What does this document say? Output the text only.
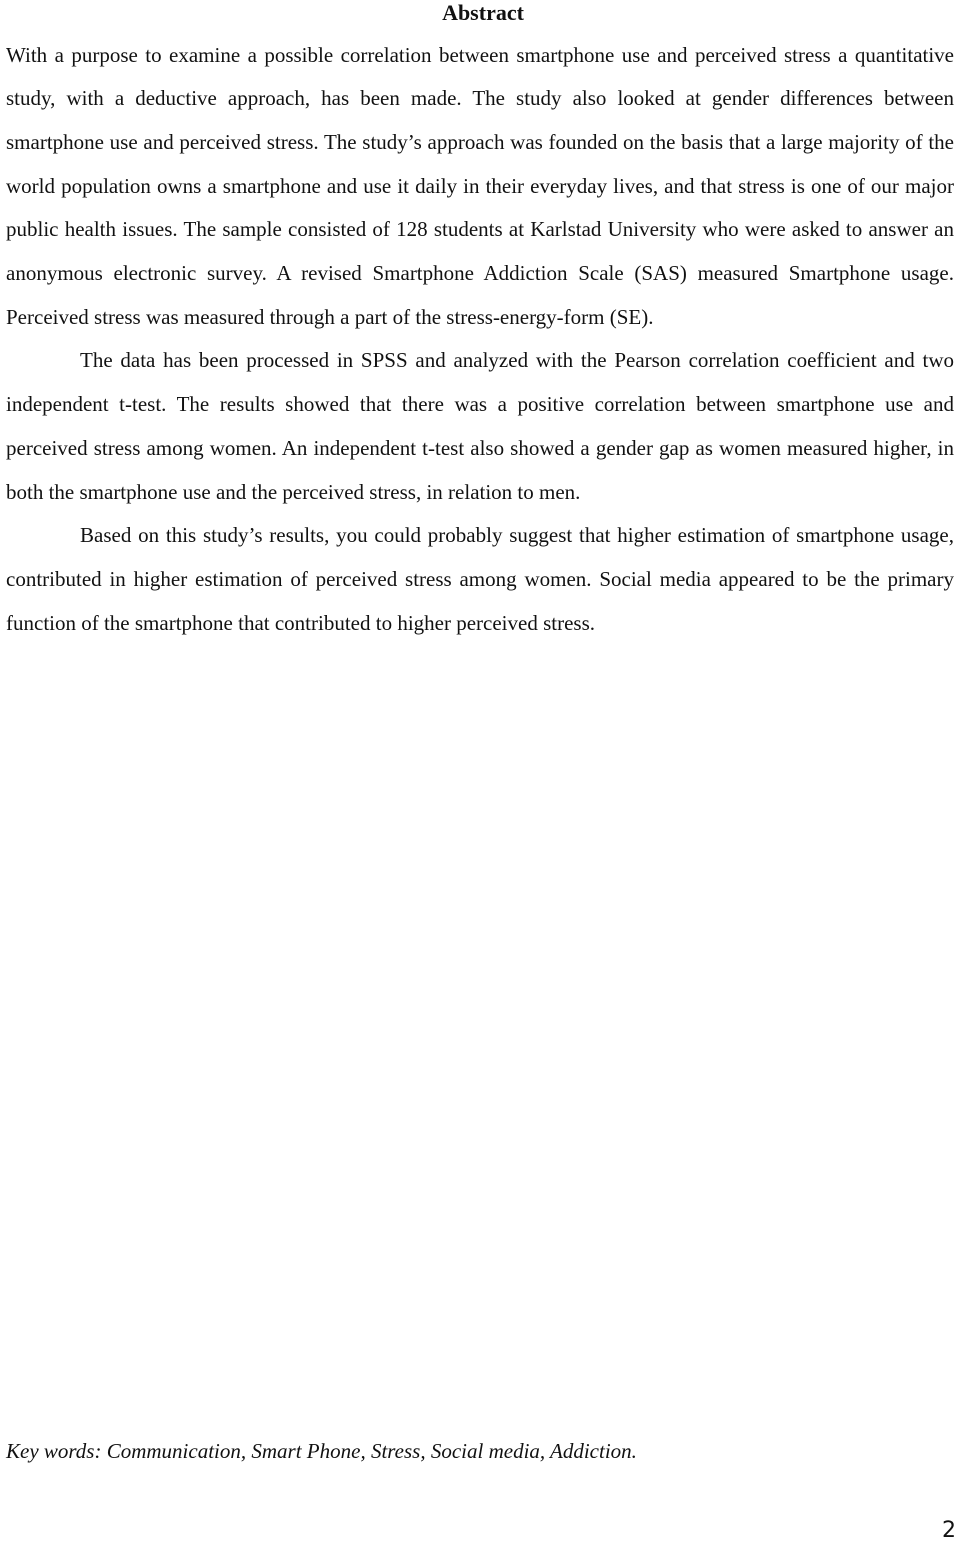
Abstract

With a purpose to examine a possible correlation between smartphone use and perceived stress a quantitative study, with a deductive approach, has been made. The study also looked at gender differences between smartphone use and perceived stress. The study’s approach was founded on the basis that a large majority of the world population owns a smartphone and use it daily in their everyday lives, and that stress is one of our major public health issues. The sample consisted of 128 students at Karlstad University who were asked to answer an anonymous electronic survey. A revised Smartphone Addiction Scale (SAS) measured Smartphone usage. Perceived stress was measured through a part of the stress-energy-form (SE).

The data has been processed in SPSS and analyzed with the Pearson correlation coefficient and two independent t-test. The results showed that there was a positive correlation between smartphone use and perceived stress among women. An independent t-test also showed a gender gap as women measured higher, in both the smartphone use and the perceived stress, in relation to men.

Based on this study’s results, you could probably suggest that higher estimation of smartphone usage, contributed in higher estimation of perceived stress among women. Social media appeared to be the primary function of the smartphone that contributed to higher perceived stress.

Key words: Communication, Smart Phone, Stress, Social media, Addiction.

2
